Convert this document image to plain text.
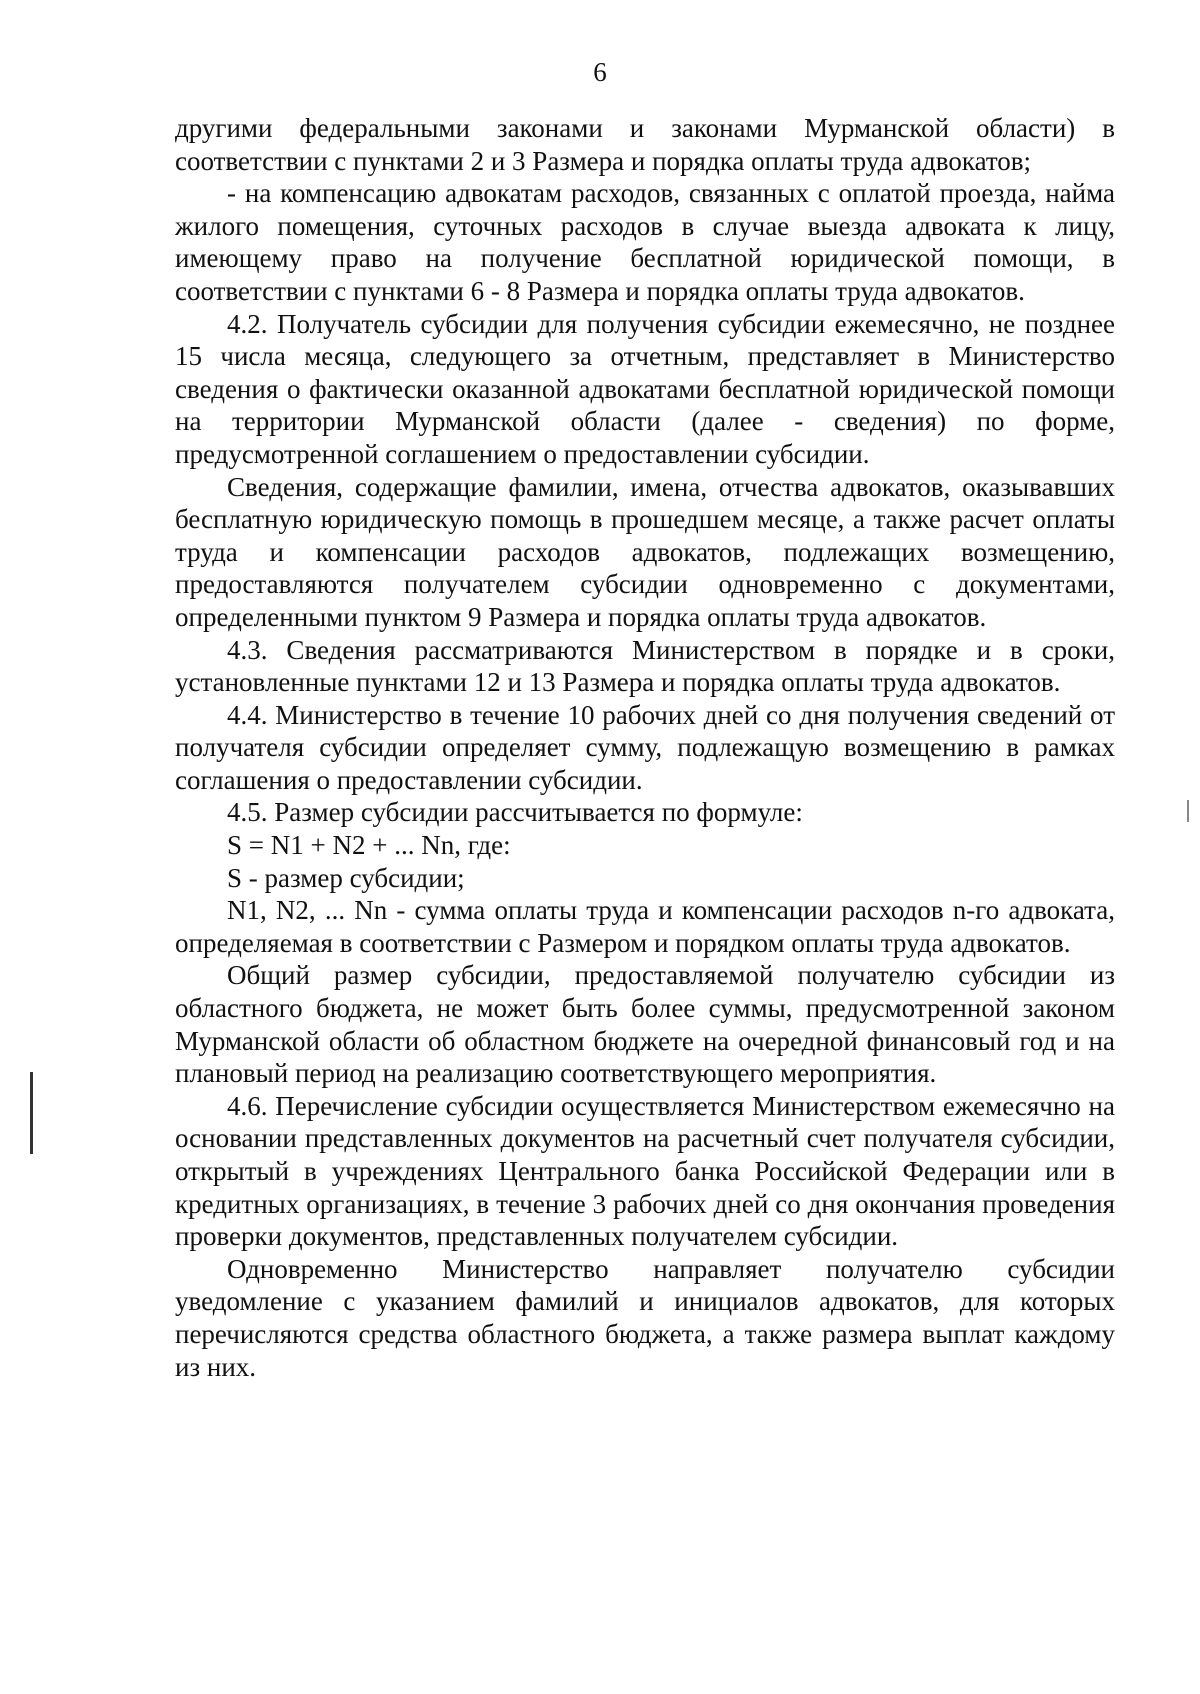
6

другими федеральными законами и законами Мурманской области) в соответствии с пунктами 2 и 3 Размера и порядка оплаты труда адвокатов;

- на компенсацию адвокатам расходов, связанных с оплатой проезда, найма жилого помещения, суточных расходов в случае выезда адвоката к лицу, имеющему право на получение бесплатной юридической помощи, в соответствии с пунктами 6 - 8 Размера и порядка оплаты труда адвокатов.

4.2. Получатель субсидии для получения субсидии ежемесячно, не позднее 15 числа месяца, следующего за отчетным, представляет в Министерство сведения о фактически оказанной адвокатами бесплатной юридической помощи на территории Мурманской области (далее - сведения) по форме, предусмотренной соглашением о предоставлении субсидии.

Сведения, содержащие фамилии, имена, отчества адвокатов, оказывавших бесплатную юридическую помощь в прошедшем месяце, а также расчет оплаты труда и компенсации расходов адвокатов, подлежащих возмещению, предоставляются получателем субсидии одновременно с документами, определенными пунктом 9 Размера и порядка оплаты труда адвокатов.

4.3. Сведения рассматриваются Министерством в порядке и в сроки, установленные пунктами 12 и 13 Размера и порядка оплаты труда адвокатов.

4.4. Министерство в течение 10 рабочих дней со дня получения сведений от получателя субсидии определяет сумму, подлежащую возмещению в рамках соглашения о предоставлении субсидии.

4.5. Размер субсидии рассчитывается по формуле:

S = N1 + N2 + ... Nn, где:

S - размер субсидии;

N1, N2, ... Nn - сумма оплаты труда и компенсации расходов n-го адвоката, определяемая в соответствии с Размером и порядком оплаты труда адвокатов.

Общий размер субсидии, предоставляемой получателю субсидии из областного бюджета, не может быть более суммы, предусмотренной законом Мурманской области об областном бюджете на очередной финансовый год и на плановый период на реализацию соответствующего мероприятия.

4.6. Перечисление субсидии осуществляется Министерством ежемесячно на основании представленных документов на расчетный счет получателя субсидии, открытый в учреждениях Центрального банка Российской Федерации или в кредитных организациях, в течение 3 рабочих дней со дня окончания проведения проверки документов, представленных получателем субсидии.

Одновременно Министерство направляет получателю субсидии уведомление с указанием фамилий и инициалов адвокатов, для которых перечисляются средства областного бюджета, а также размера выплат каждому из них.
